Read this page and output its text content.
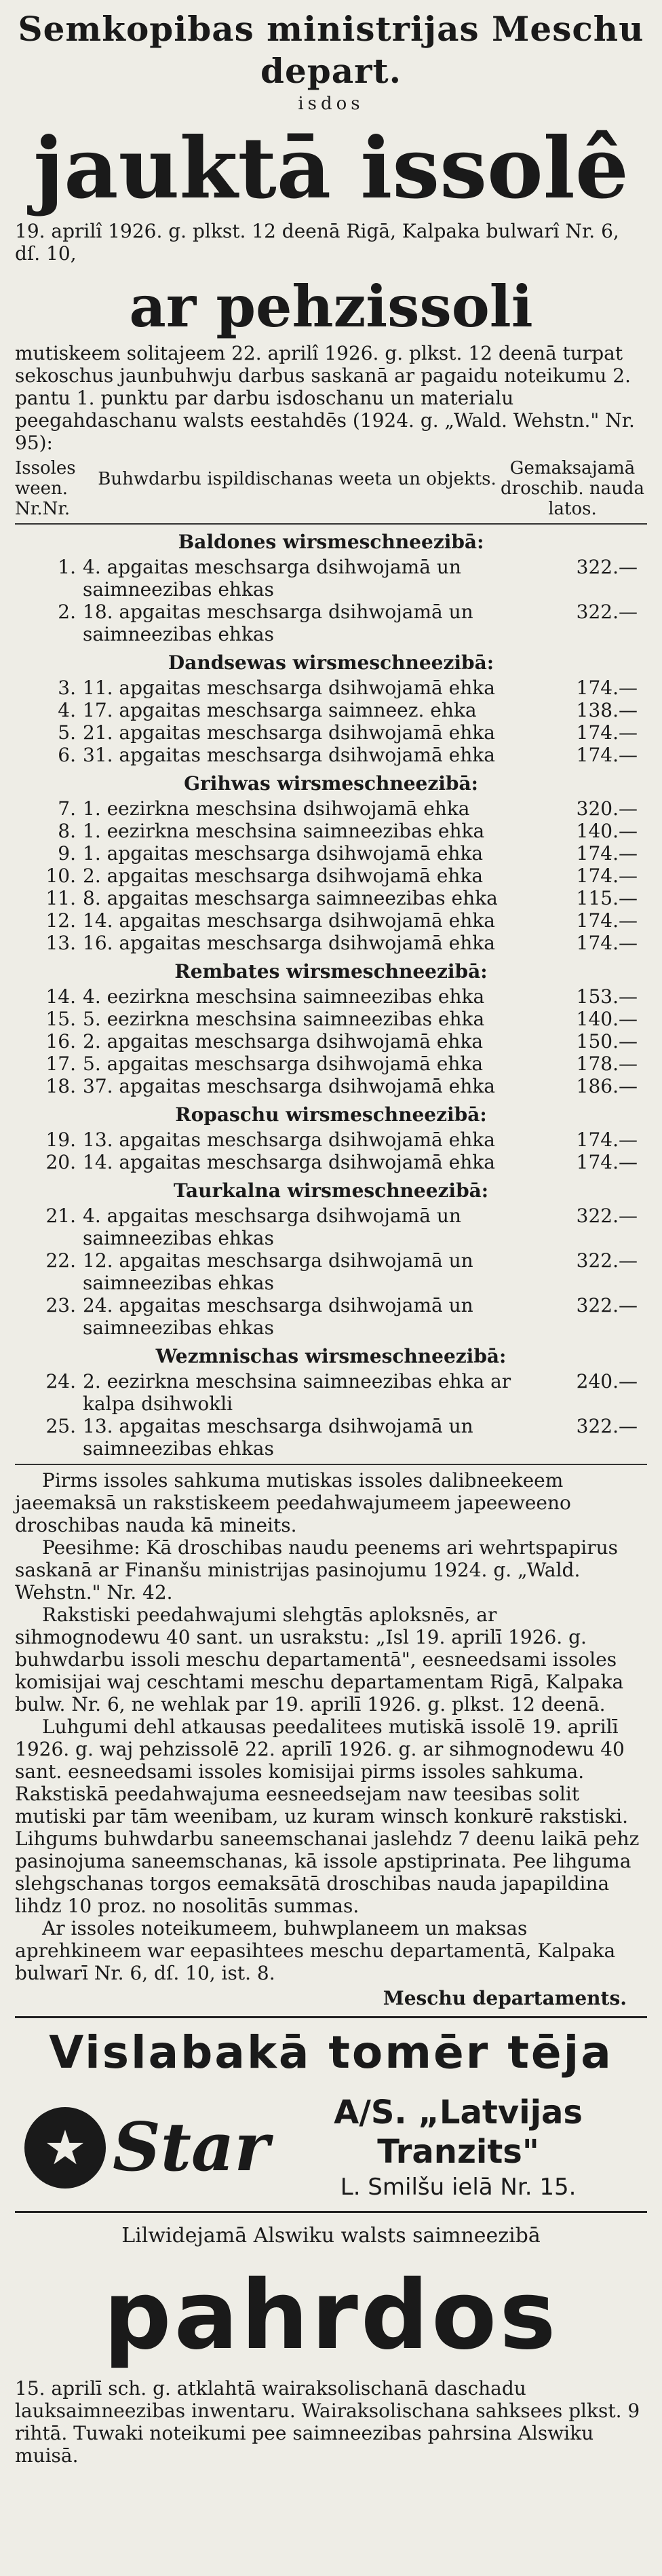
Semkopibas ministrijas Meschu depart.
isdos
jauktā issolê

19. aprilî 1926. g. plkst. 12 deenā Rigā, Kalpaka bulwarî Nr. 6, dſ. 10,

ar pehzissoli

mutiskeem solitajeem 22. aprilî 1926. g. plkst. 12 deenā turpat sekoschus jaunbuhwju darbus saskanā ar pagaidu noteikumu 2. pantu 1. punktu par darbu isdoschanu un materialu peegahdaschanu walsts eestahdēs (1924. g. „Wald. Wehstn." Nr. 95):

Issoles ween. Nr.Nr.
Buhwdarbu ispildischanas weeta un objekts.
Gemaksajamā droschib. nauda latos.
Baldones wirsmeschneezibā:
1. 4. apgaitas meschsarga dsihwojamā un saimneezibas ehkas
322.—
2. 18. apgaitas meschsarga dsihwojamā un saimneezibas ehkas
322.—
Dandsewas wirsmeschneezibā:
3. 11. apgaitas meschsarga dsihwojamā ehka	174.—
4. 17. apgaitas meschsarga saimneez. ehka	138.—
5. 21. apgaitas meschsarga dsihwojamā ehka	174.—
6. 31. apgaitas meschsarga dsihwojamā ehka	174.—
Grihwas wirsmeschneezibā:
7. 1. eezirkna meschsina dsihwojamā ehka	320.—
8. 1. eezirkna meschsina saimneezibas ehka	140.—
9. 1. apgaitas meschsarga dsihwojamā ehka	174.—
10. 2. apgaitas meschsarga dsihwojamā ehka	174.—
11. 8. apgaitas meschsarga saimneezibas ehka	115.—
12. 14. apgaitas meschsarga dsihwojamā ehka	174.—
13. 16. apgaitas meschsarga dsihwojamā ehka	174.—
Rembates wirsmeschneezibā:
14. 4. eezirkna meschsina saimneezibas ehka	153.—
15. 5. eezirkna meschsina saimneezibas ehka	140.—
16. 2. apgaitas meschsarga dsihwojamā ehka	150.—
17. 5. apgaitas meschsarga dsihwojamā ehka	178.—
18. 37. apgaitas meschsarga dsihwojamā ehka	186.—
Ropaschu wirsmeschneezibā:
19. 13. apgaitas meschsarga dsihwojamā ehka	174.—
20. 14. apgaitas meschsarga dsihwojamā ehka	174.—
Taurkalna wirsmeschneezibā:
21. 4. apgaitas meschsarga dsihwojamā un saimneezibas ehkas
322.—
22. 12. apgaitas meschsarga dsihwojamā un saimneezibas ehkas
322.—
23. 24. apgaitas meschsarga dsihwojamā un saimneezibas ehkas
322.—
Wezmnischas wirsmeschneezibā:
24. 2. eezirkna meschsina saimneezibas ehka ar kalpa dsihwokli
240.—
25. 13. apgaitas meschsarga dsihwojamā un saimneezibas ehkas
322.—

Pirms issoles sahkuma mutiskas issoles dalibneekeem jaeemaksā un rakstiskeem peedahwajumeem japeeweeno droschibas nauda kā mineits.

Peesihme: Kā droschibas naudu peenems ari wehrtspapirus saskanā ar Finanšu ministrijas pasinojumu 1924. g. „Wald. Wehstn." Nr. 42.

Rakstiski peedahwajumi slehgtās aploksnēs, ar sihmognodewu 40 sant. un usrakstu: „Isl 19. aprilī 1926. g. buhwdarbu issoli meschu departamentā", eesneedsami issoles komisijai waj ceschtami meschu departamentam Rigā, Kalpaka bulw. Nr. 6, ne wehlak par 19. aprilī 1926. g. plkst. 12 deenā.

Luhgumi dehl atkausas peedalitees mutiskā issolē 19. aprilī 1926. g. waj pehzissolē 22. aprilī 1926. g. ar sihmognodewu 40 sant. eesneedsami issoles komisijai pirms issoles sahkuma. Rakstiskā peedahwajuma eesneedsejam naw teesibas solit mutiski par tām weenibam, uz kuram winsch konkurē rakstiski. Lihgums buhwdarbu saneemschanai jaslehdz 7 deenu laikā pehz pasinojuma saneemschanas, kā issole apstiprinata. Pee lihguma slehgschanas torgos eemaksātā droschibas nauda japapildina lihdz 10 proz. no nosolitās summas.

Ar issoles noteikumeem, buhwplaneem un maksas aprehkineem war eepasihtees meschu departamentā, Kalpaka bulwarī Nr. 6, dſ. 10, ist. 8.

Meschu departaments.
Vislabakā tomēr tēja
★ Star	A/S. „Latvijas Tranzits"
L. Smilšu ielā Nr. 15.
Lilwidejamā Alswiku walsts saimneezibā
pahrdos
15. aprilī sch. g. atklahtā wairaksolischanā daschadu lauksaimneezibas inwentaru. Wairaksolischana sahksees plkst. 9 rihtā. Tuwaki noteikumi pee saimneezibas pahrsina Alswiku muisā.
